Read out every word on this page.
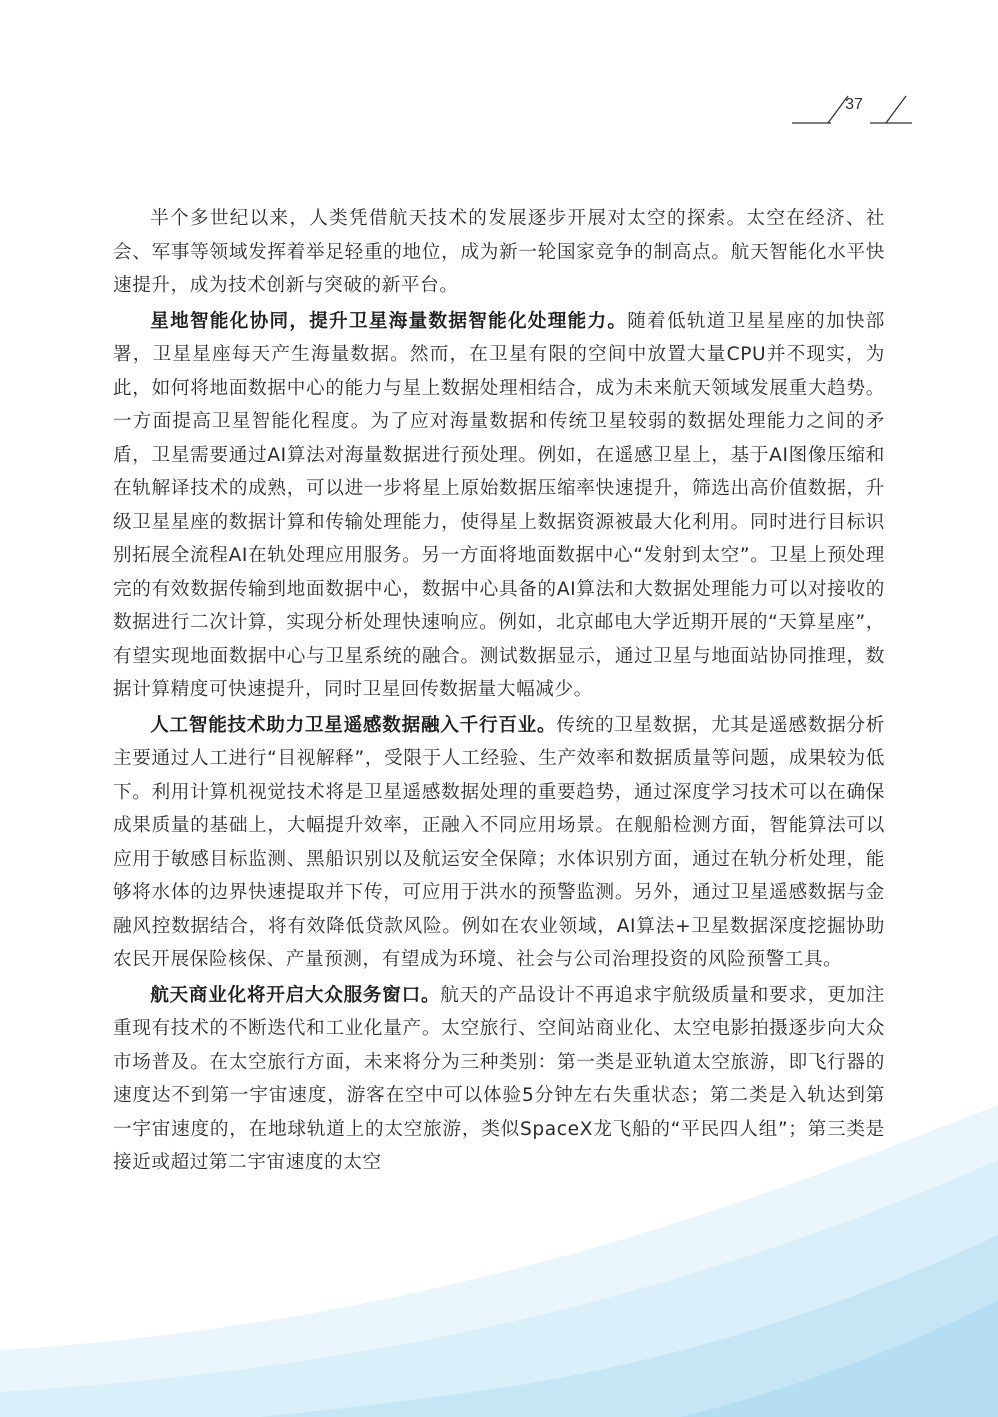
37

半个多世纪以来，人类凭借航天技术的发展逐步开展对太空的探索。太空在经济、社会、军事等领域发挥着举足轻重的地位，成为新一轮国家竞争的制高点。航天智能化水平快速提升，成为技术创新与突破的新平台。

星地智能化协同，提升卫星海量数据智能化处理能力。随着低轨道卫星星座的加快部署，卫星星座每天产生海量数据。然而，在卫星有限的空间中放置大量CPU并不现实，为此，如何将地面数据中心的能力与星上数据处理相结合，成为未来航天领域发展重大趋势。一方面提高卫星智能化程度。为了应对海量数据和传统卫星较弱的数据处理能力之间的矛盾，卫星需要通过AI算法对海量数据进行预处理。例如，在遥感卫星上，基于AI图像压缩和在轨解译技术的成熟，可以进一步将星上原始数据压缩率快速提升，筛选出高价值数据，升级卫星星座的数据计算和传输处理能力，使得星上数据资源被最大化利用。同时进行目标识别拓展全流程AI在轨处理应用服务。另一方面将地面数据中心“发射到太空”。卫星上预处理完的有效数据传输到地面数据中心，数据中心具备的AI算法和大数据处理能力可以对接收的数据进行二次计算，实现分析处理快速响应。例如，北京邮电大学近期开展的“天算星座”，有望实现地面数据中心与卫星系统的融合。测试数据显示，通过卫星与地面站协同推理，数据计算精度可快速提升，同时卫星回传数据量大幅减少。

人工智能技术助力卫星遥感数据融入千行百业。传统的卫星数据，尤其是遥感数据分析主要通过人工进行“目视解释”，受限于人工经验、生产效率和数据质量等问题，成果较为低下。利用计算机视觉技术将是卫星遥感数据处理的重要趋势，通过深度学习技术可以在确保成果质量的基础上，大幅提升效率，正融入不同应用场景。在舰船检测方面，智能算法可以应用于敏感目标监测、黑船识别以及航运安全保障；水体识别方面，通过在轨分析处理，能够将水体的边界快速提取并下传，可应用于洪水的预警监测。另外，通过卫星遥感数据与金融风控数据结合，将有效降低贷款风险。例如在农业领域，AI算法+卫星数据深度挖掘协助农民开展保险核保、产量预测，有望成为环境、社会与公司治理投资的风险预警工具。

航天商业化将开启大众服务窗口。航天的产品设计不再追求宇航级质量和要求，更加注重现有技术的不断迭代和工业化量产。太空旅行、空间站商业化、太空电影拍摄逐步向大众市场普及。在太空旅行方面，未来将分为三种类别：第一类是亚轨道太空旅游，即飞行器的速度达不到第一宇宙速度，游客在空中可以体验5分钟左右失重状态；第二类是入轨达到第一宇宙速度的，在地球轨道上的太空旅游，类似SpaceX龙飞船的“平民四人组”；第三类是接近或超过第二宇宙速度的太空
